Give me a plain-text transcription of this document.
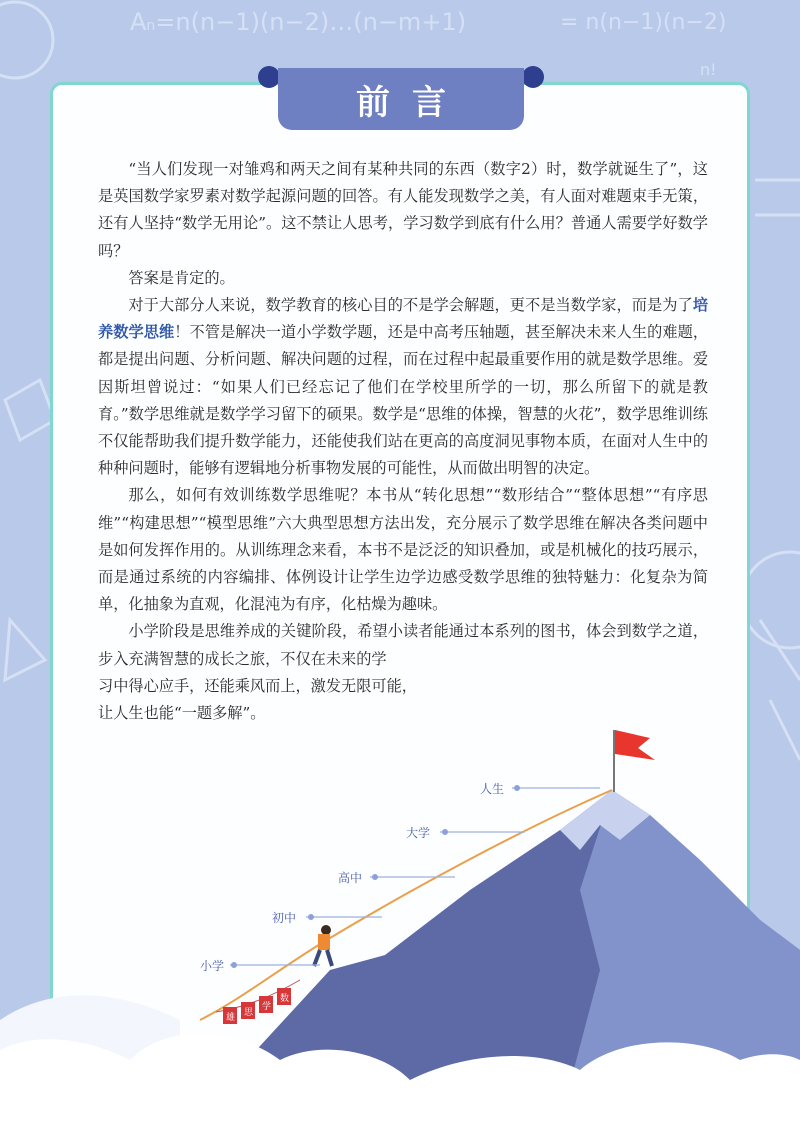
An=n(n−1)(n−2)…(n−m+1)	= n(n−1)(n−2)
n!
前言

“当人们发现一对雏鸡和两天之间有某种共同的东西（数字2）时，数学就诞生了”，这是英国数学家罗素对数学起源问题的回答。有人能发现数学之美，有人面对难题束手无策，还有人坚持“数学无用论”。这不禁让人思考，学习数学到底有什么用？普通人需要学好数学吗？

答案是肯定的。

对于大部分人来说，数学教育的核心目的不是学会解题，更不是当数学家，而是为了培养数学思维！不管是解决一道小学数学题，还是中高考压轴题，甚至解决未来人生的难题，都是提出问题、分析问题、解决问题的过程，而在过程中起最重要作用的就是数学思维。爱因斯坦曾说过：“如果人们已经忘记了他们在学校里所学的一切，那么所留下的就是教育。”数学思维就是数学学习留下的硕果。数学是“思维的体操，智慧的火花”，数学思维训练不仅能帮助我们提升数学能力，还能使我们站在更高的高度洞见事物本质，在面对人生中的种种问题时，能够有逻辑地分析事物发展的可能性，从而做出明智的决定。

那么，如何有效训练数学思维呢？本书从“转化思想”“数形结合”“整体思想”“有序思维”“构建思想”“模型思维”六大典型思想方法出发，充分展示了数学思维在解决各类问题中是如何发挥作用的。从训练理念来看，本书不是泛泛的知识叠加，或是机械化的技巧展示，而是通过系统的内容编排、体例设计让学生边学边感受数学思维的独特魅力：化复杂为简单，化抽象为直观，化混沌为有序，化枯燥为趣味。

小学阶段是思维养成的关键阶段，希望小读者能通过本系列的图书，体会到数学之道，步入充满智慧的成长之旅，不仅在未来的学

习中得心应手，还能乘风而上，激发无限可能，

让人生也能“一题多解”。

雄 思
学
数
人生
大学
高中
初中
小学
